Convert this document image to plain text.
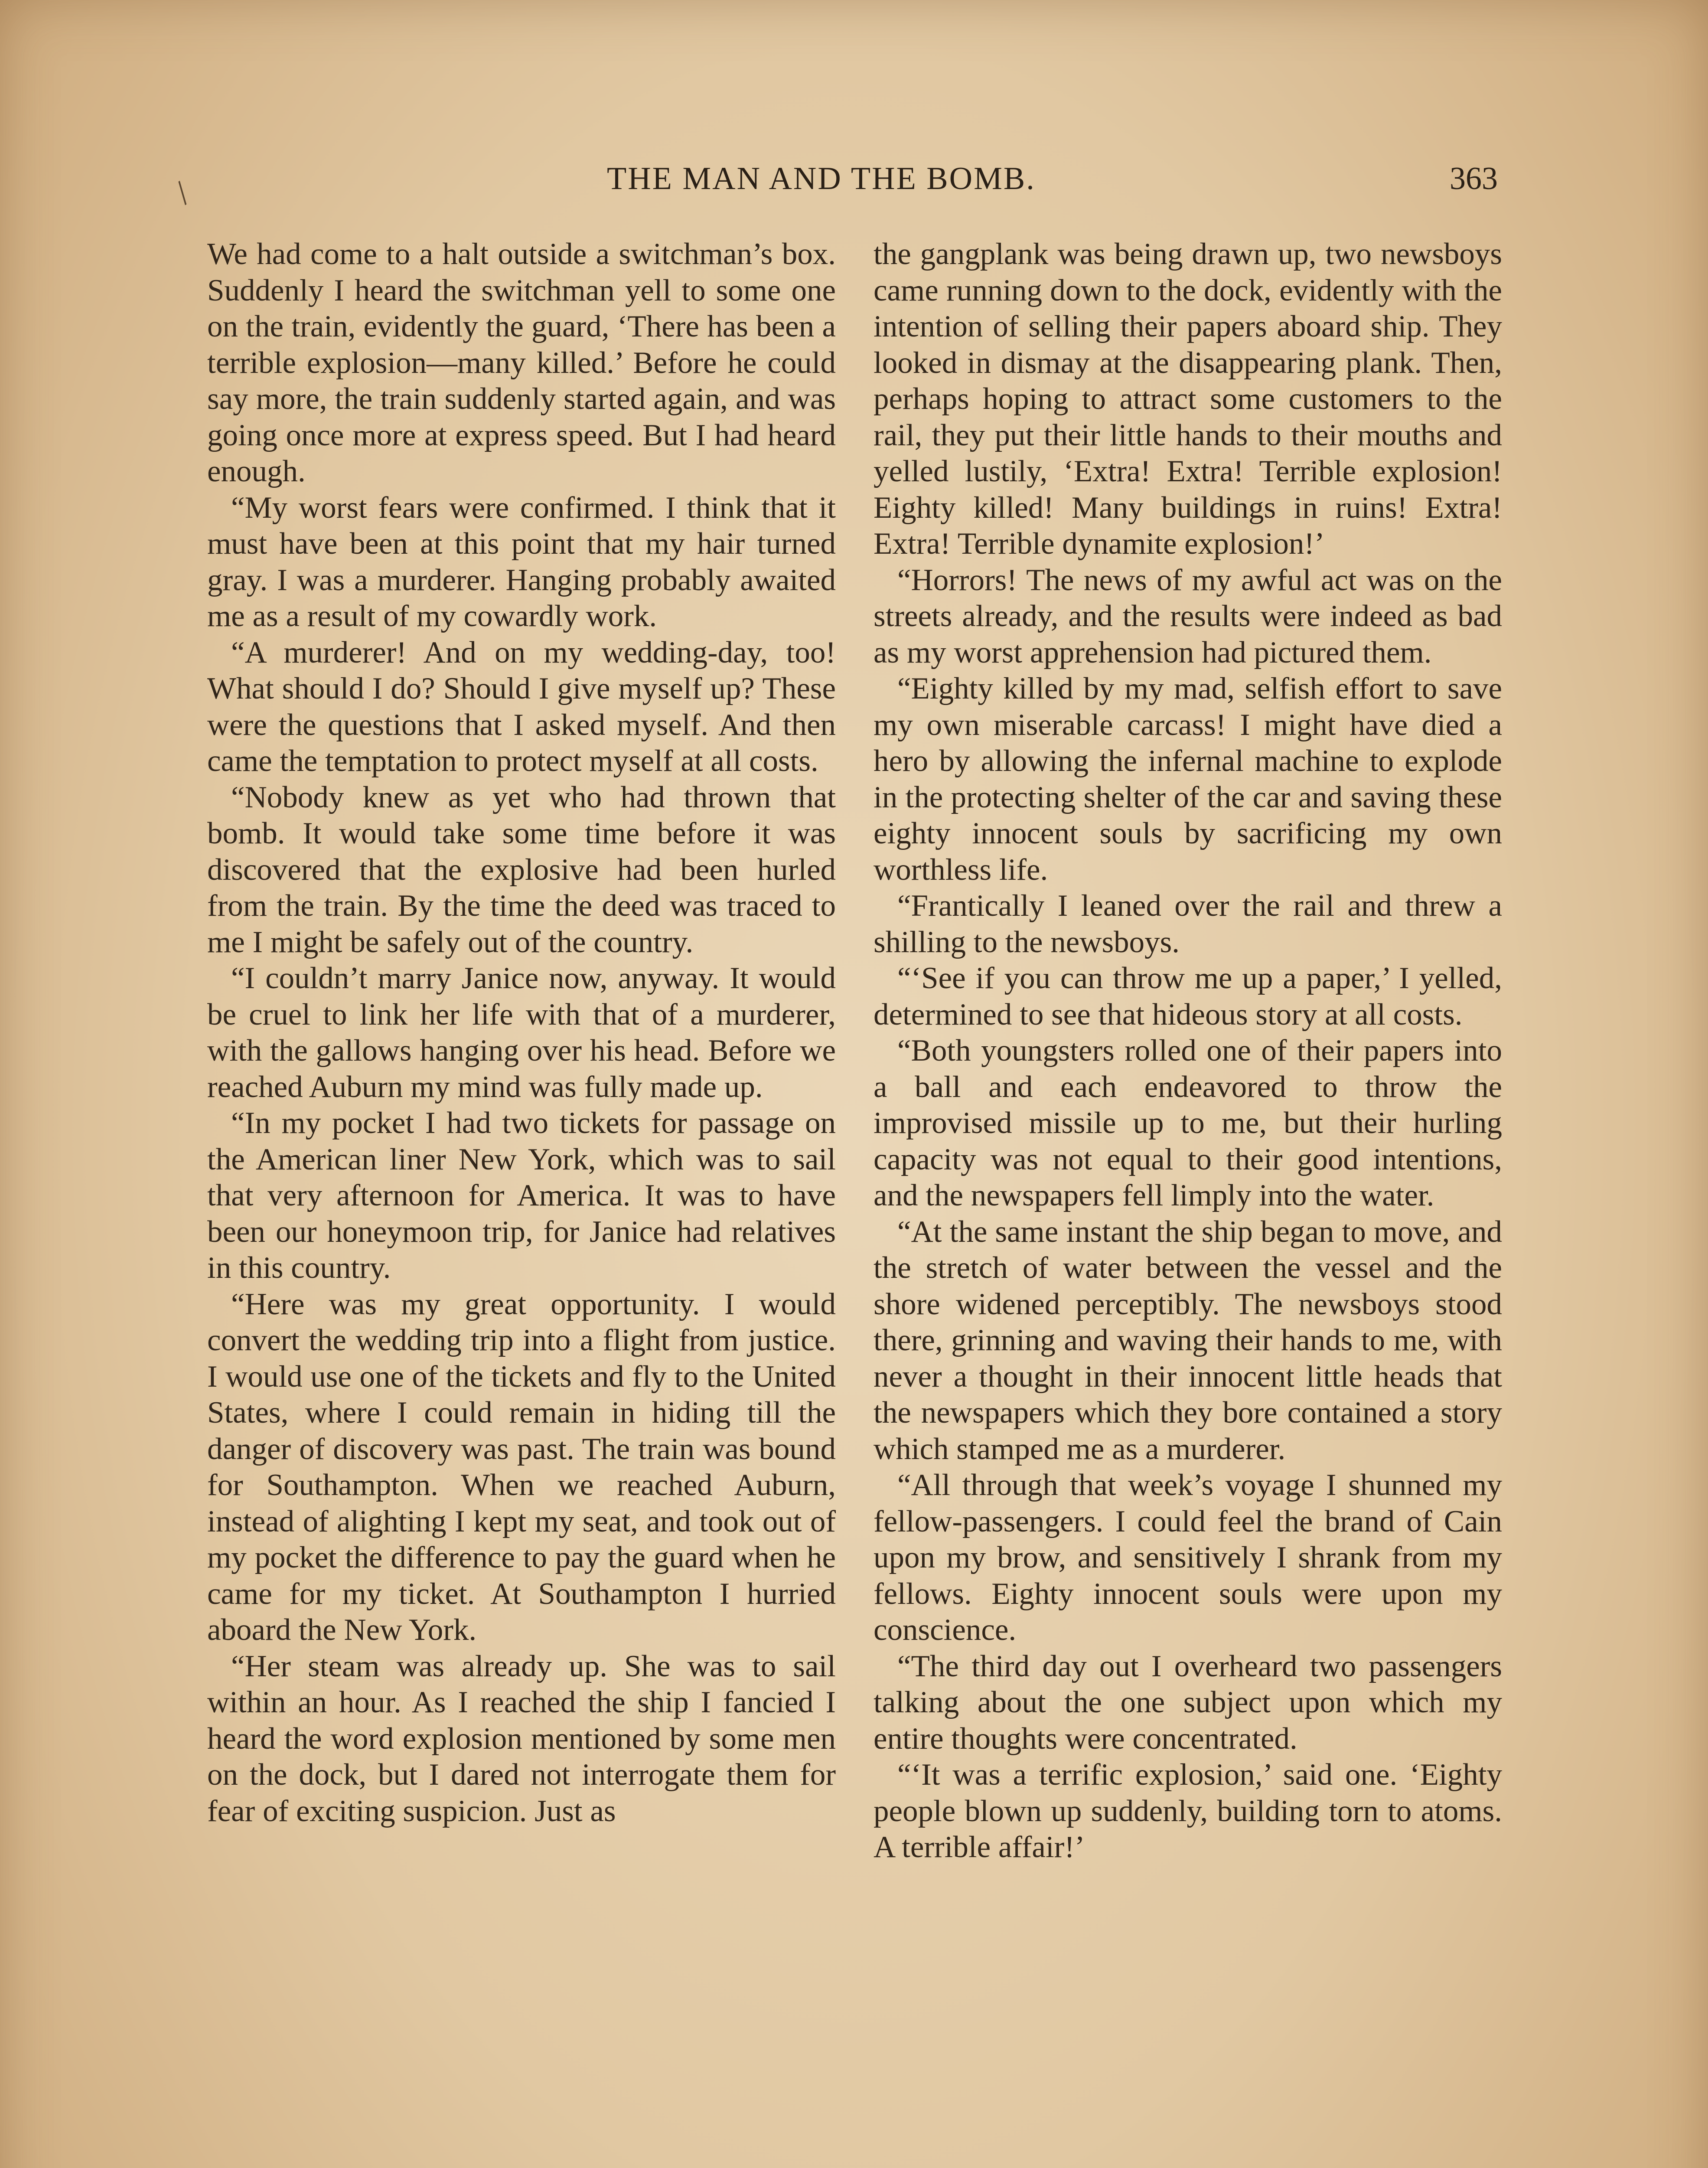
/	THE MAN AND THE BOMB.	363

We had come to a halt outside a switchman’s box. Suddenly I heard the switchman yell to some one on the train, evidently the guard, ‘There has been a terrible explosion—many killed.’ Before he could say more, the train suddenly started again, and was going once more at express speed. But I had heard enough.

“My worst fears were confirmed. I think that it must have been at this point that my hair turned gray. I was a murderer. Hanging probably awaited me as a result of my cowardly work.

“A murderer! And on my wedding-day, too! What should I do? Should I give myself up? These were the questions that I asked myself. And then came the temptation to protect myself at all costs.

“Nobody knew as yet who had thrown that bomb. It would take some time before it was discovered that the explosive had been hurled from the train. By the time the deed was traced to me I might be safely out of the country.

“I couldn’t marry Janice now, anyway. It would be cruel to link her life with that of a murderer, with the gallows hanging over his head. Before we reached Auburn my mind was fully made up.

“In my pocket I had two tickets for passage on the American liner New York, which was to sail that very afternoon for America. It was to have been our honeymoon trip, for Janice had relatives in this country.

“Here was my great opportunity. I would convert the wedding trip into a flight from justice. I would use one of the tickets and fly to the United States, where I could remain in hiding till the danger of discovery was past. The train was bound for Southampton. When we reached Auburn, instead of alighting I kept my seat, and took out of my pocket the difference to pay the guard when he came for my ticket. At Southampton I hurried aboard the New York.

“Her steam was already up. She was to sail within an hour. As I reached the ship I fancied I heard the word explosion mentioned by some men on the dock, but I dared not interrogate them for fear of exciting suspicion. Just as

the gangplank was being drawn up, two newsboys came running down to the dock, evidently with the intention of selling their papers aboard ship. They looked in dismay at the disappearing plank. Then, perhaps hoping to attract some customers to the rail, they put their little hands to their mouths and yelled lustily, ‘Extra! Extra! Terrible explosion! Eighty killed! Many buildings in ruins! Extra! Extra! Terrible dynamite explosion!’

“Horrors! The news of my awful act was on the streets already, and the results were indeed as bad as my worst apprehension had pictured them.

“Eighty killed by my mad, selfish effort to save my own miserable carcass! I might have died a hero by allowing the infernal machine to explode in the protecting shelter of the car and saving these eighty innocent souls by sacrificing my own worthless life.

“Frantically I leaned over the rail and threw a shilling to the newsboys.

“‘See if you can throw me up a paper,’ I yelled, determined to see that hideous story at all costs.

“Both youngsters rolled one of their papers into a ball and each endeavored to throw the improvised missile up to me, but their hurling capacity was not equal to their good intentions, and the newspapers fell limply into the water.

“At the same instant the ship began to move, and the stretch of water between the vessel and the shore widened perceptibly. The newsboys stood there, grinning and waving their hands to me, with never a thought in their innocent little heads that the newspapers which they bore contained a story which stamped me as a murderer.

“All through that week’s voyage I shunned my fellow-passengers. I could feel the brand of Cain upon my brow, and sensitively I shrank from my fellows. Eighty innocent souls were upon my conscience.

“The third day out I overheard two passengers talking about the one subject upon which my entire thoughts were concentrated.

“‘It was a terrific explosion,’ said one. ‘Eighty people blown up suddenly, building torn to atoms. A terrible affair!’
